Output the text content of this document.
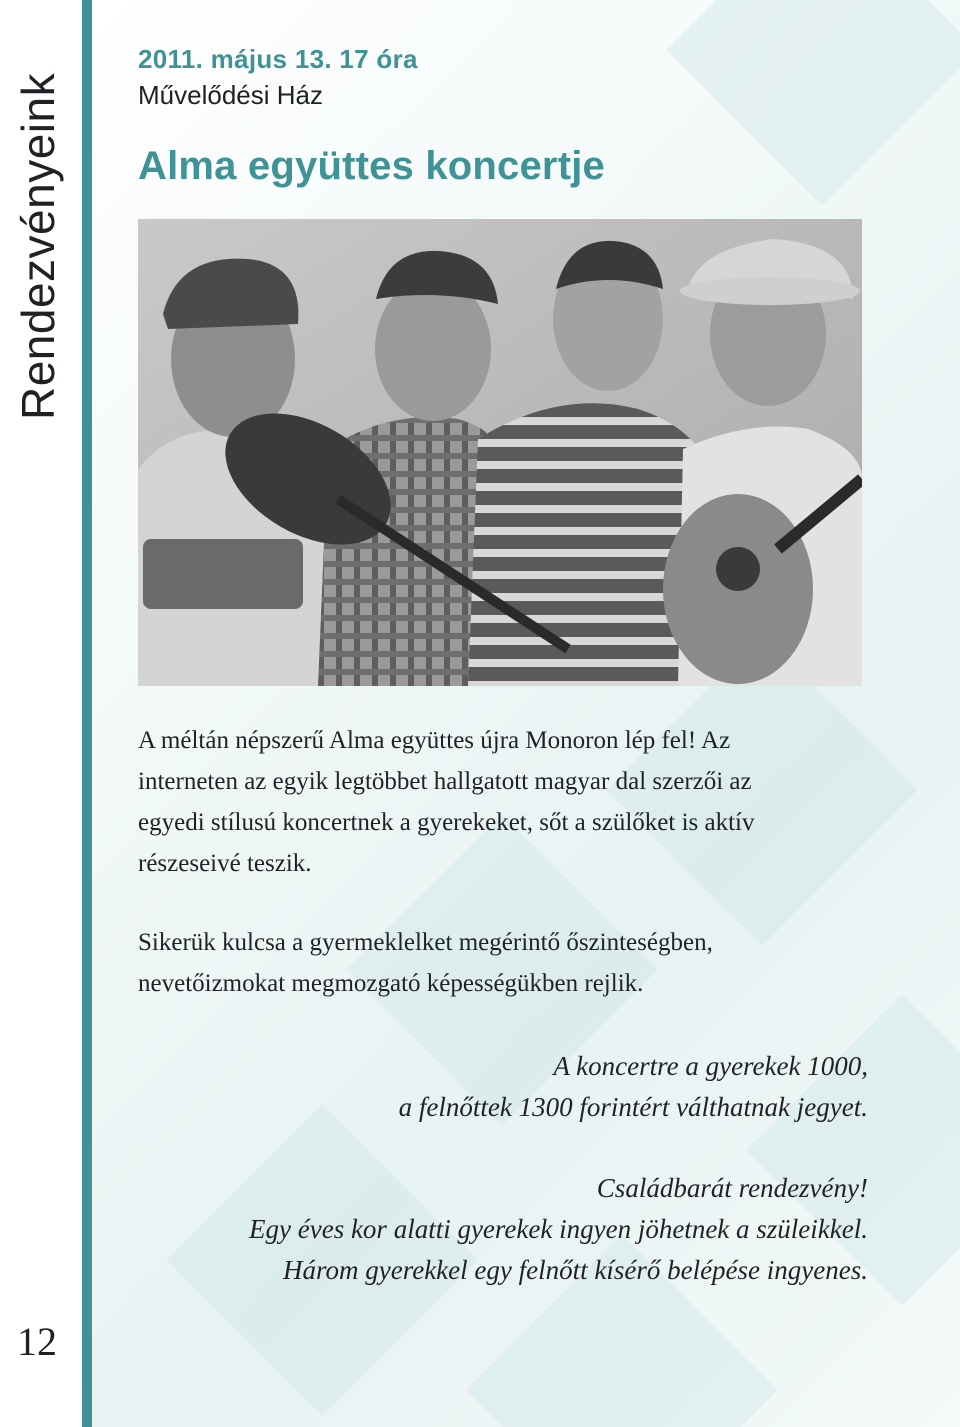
Rendezvényeink
12
2011. május 13. 17 óra
Művelődési Ház
Alma együttes koncertje
A méltán népszerű Alma együttes újra Monoron lép fel! Az
interneten az egyik legtöbbet hallgatott magyar dal szerzői az
egyedi stílusú koncertnek a gyerekeket, sőt a szülőket is aktív
részeseivé teszik.
Sikerük kulcsa a gyermeklelket megérintő őszinteségben,
nevetőizmokat megmozgató képességükben rejlik.
A koncertre a gyerekek 1000,
a felnőttek 1300 forintért válthatnak jegyet.
Családbarát rendezvény!
Egy éves kor alatti gyerekek ingyen jöhetnek a szüleikkel.
Három gyerekkel egy felnőtt kísérő belépése ingyenes.
